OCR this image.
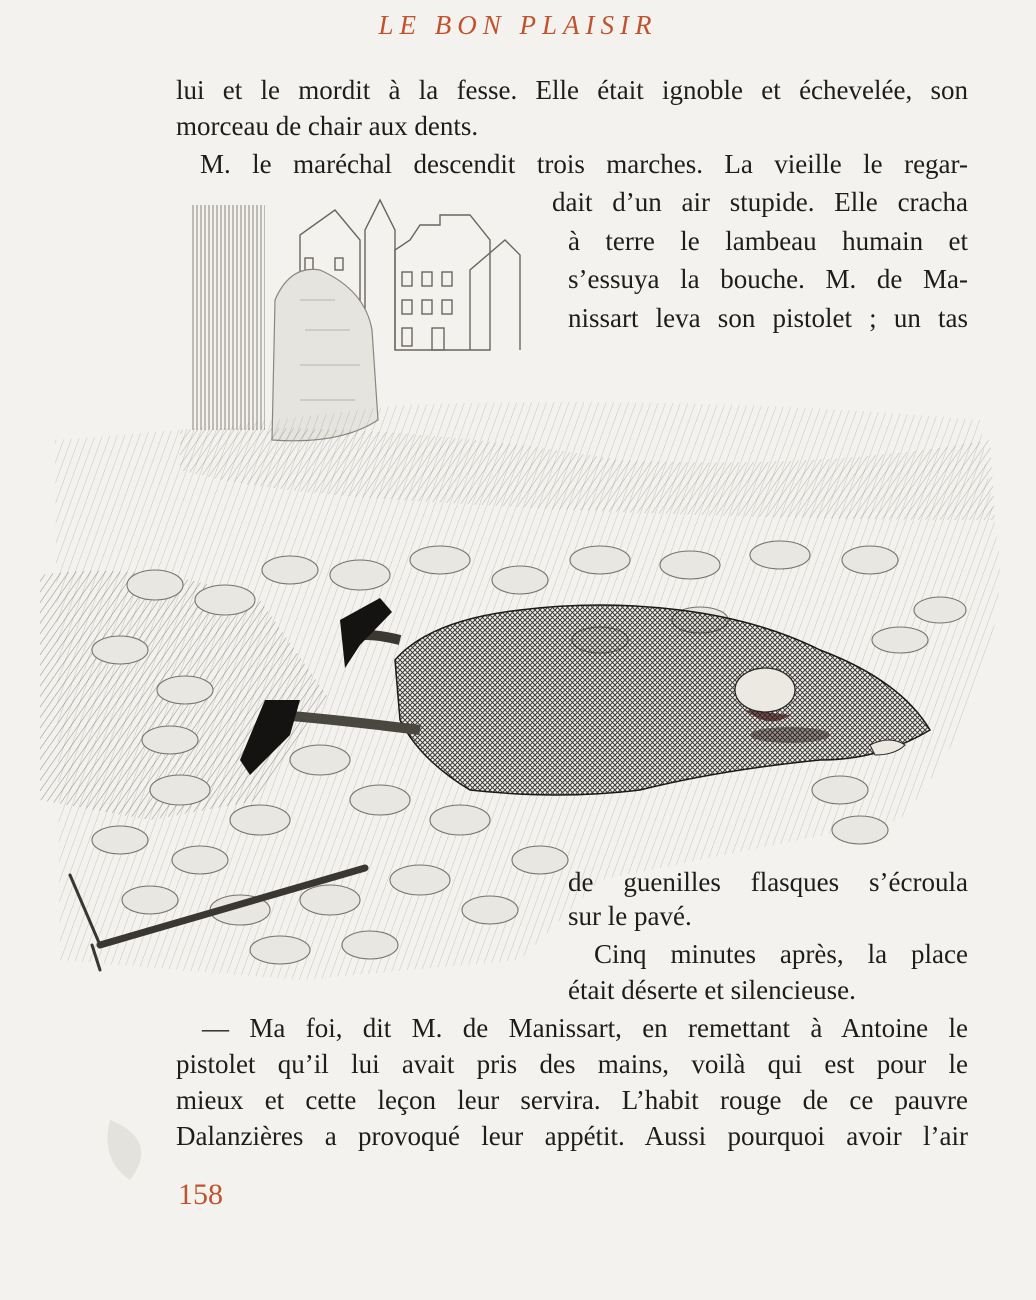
LE BON PLAISIR
lui et le mordit à la fesse. Elle était ignoble et échevelée, son
morceau de chair aux dents.
M. le maréchal descendit trois marches. La vieille le regar-
dait d’un air stupide. Elle cracha
à terre le lambeau humain et
s’essuya la bouche. M. de Ma-
nissart leva son pistolet ; un tas
de guenilles flasques s’écroula
sur le pavé.
Cinq minutes après, la place
était déserte et silencieuse.
— Ma foi, dit M. de Manissart, en remettant à Antoine le
pistolet qu’il lui avait pris des mains, voilà qui est pour le
mieux et cette leçon leur servira. L’habit rouge de ce pauvre
Dalanzières a provoqué leur appétit. Aussi pourquoi avoir l’air
158
